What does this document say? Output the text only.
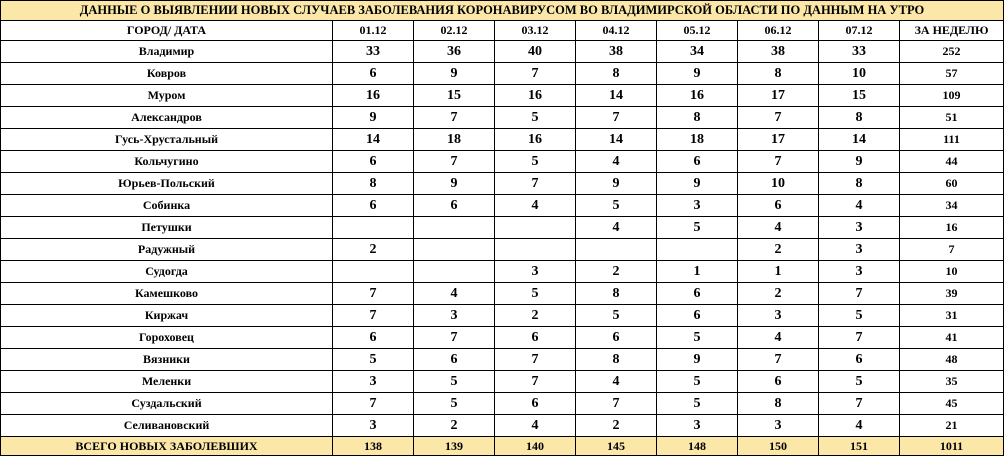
ДАННЫЕ О ВЫЯВЛЕНИИ НОВЫХ СЛУЧАЕВ ЗАБОЛЕВАНИЯ КОРОНАВИРУСОМ ВО ВЛАДИМИРСКОЙ ОБЛАСТИ ПО ДАННЫМ НА УТРО								
ГОРОД/ ДАТА	01.12	02.12	03.12	04.12	05.12	06.12	07.12	ЗА НЕДЕЛЮ
Владимир	33	36	40	38	34	38	33	252
Ковров	6	9	7	8	9	8	10	57
Муром	16	15	16	14	16	17	15	109
Александров	9	7	5	7	8	7	8	51
Гусь-Хрустальный	14	18	16	14	18	17	14	111
Кольчугино	6	7	5	4	6	7	9	44
Юрьев-Польский	8	9	7	9	9	10	8	60
Собинка	6	6	4	5	3	6	4	34
Петушки				4	5	4	3	16
Радужный	2					2	3	7
Судогда			3	2	1	1	3	10
Камешково	7	4	5	8	6	2	7	39
Киржач	7	3	2	5	6	3	5	31
Гороховец	6	7	6	6	5	4	7	41
Вязники	5	6	7	8	9	7	6	48
Меленки	3	5	7	4	5	6	5	35
Суздальский	7	5	6	7	5	8	7	45
Селивановский	3	2	4	2	3	3	4	21
ВСЕГО НОВЫХ ЗАБОЛЕВШИХ	138	139	140	145	148	150	151	1011
